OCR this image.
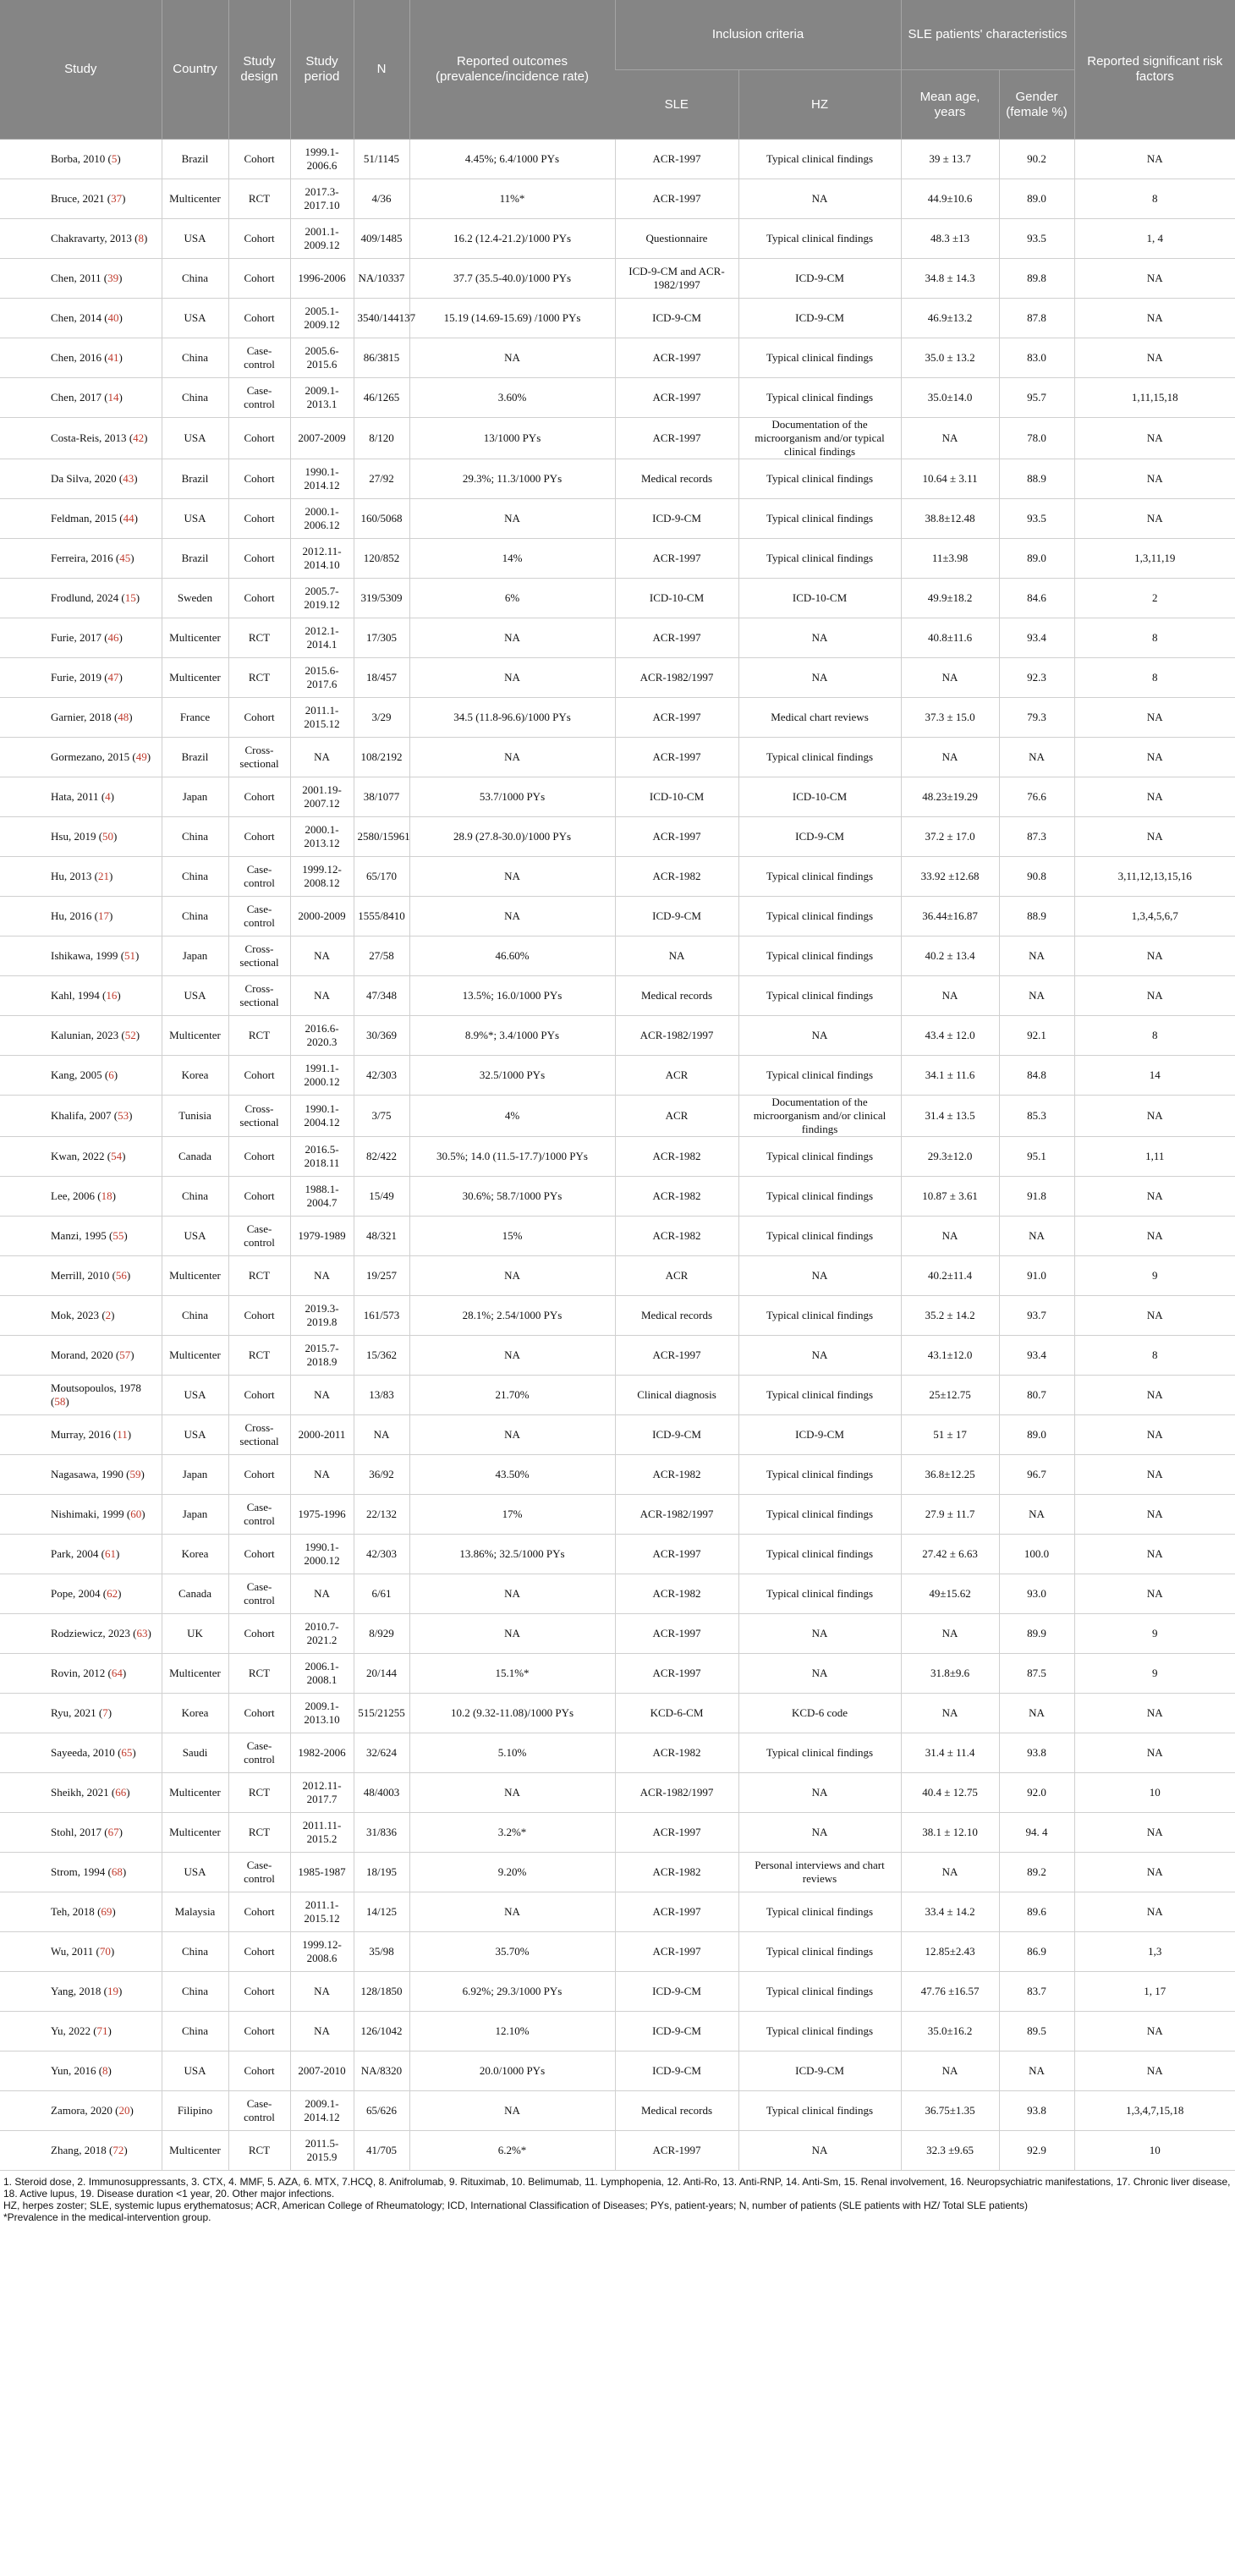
Study	Country	Study design	Study period	N	Reported outcomes (prevalence/incidence rate)	Inclusion criteria		SLE patients' characteristics		Reported significant risk factors
						SLE	HZ	Mean age, years	Gender (female %)	
Borba, 2010 (5)	Brazil	Cohort	1999.1-2006.6	51/1145	4.45%; 6.4/1000 PYs	ACR-1997	Typical clinical findings	39 ± 13.7	90.2	NA
Bruce, 2021 (37)	Multicenter	RCT	2017.3-2017.10	4/36	11%*	ACR-1997	NA	44.9±10.6	89.0	8
Chakravarty, 2013 (8)	USA	Cohort	2001.1-2009.12	409/1485	16.2 (12.4-21.2)/1000 PYs	Questionnaire	Typical clinical findings	48.3 ±13	93.5	1, 4
Chen, 2011 (39)	China	Cohort	1996-2006	NA/10337	37.7 (35.5-40.0)/1000 PYs	ICD-9-CM and ACR-1982/1997	ICD-9-CM	34.8 ± 14.3	89.8	NA
Chen, 2014 (40)	USA	Cohort	2005.1-2009.12	3540/144137	15.19 (14.69-15.69) /1000 PYs	ICD-9-CM	ICD-9-CM	46.9±13.2	87.8	NA
Chen, 2016 (41)	China	Case-control	2005.6-2015.6	86/3815	NA	ACR-1997	Typical clinical findings	35.0 ± 13.2	83.0	NA
Chen, 2017 (14)	China	Case-control	2009.1-2013.1	46/1265	3.60%	ACR-1997	Typical clinical findings	35.0±14.0	95.7	1,11,15,18
Costa-Reis, 2013 (42)	USA	Cohort	2007-2009	8/120	13/1000 PYs	ACR-1997	Documentation of the microorganism and/or typical clinical findings	NA	78.0	NA
Da Silva, 2020 (43)	Brazil	Cohort	1990.1-2014.12	27/92	29.3%; 11.3/1000 PYs	Medical records	Typical clinical findings	10.64 ± 3.11	88.9	NA
Feldman, 2015 (44)	USA	Cohort	2000.1-2006.12	160/5068	NA	ICD-9-CM	Typical clinical findings	38.8±12.48	93.5	NA
Ferreira, 2016 (45)	Brazil	Cohort	2012.11-2014.10	120/852	14%	ACR-1997	Typical clinical findings	11±3.98	89.0	1,3,11,19
Frodlund, 2024 (15)	Sweden	Cohort	2005.7-2019.12	319/5309	6%	ICD-10-CM	ICD-10-CM	49.9±18.2	84.6	2
Furie, 2017 (46)	Multicenter	RCT	2012.1-2014.1	17/305	NA	ACR-1997	NA	40.8±11.6	93.4	8
Furie, 2019 (47)	Multicenter	RCT	2015.6-2017.6	18/457	NA	ACR-1982/1997	NA	NA	92.3	8
Garnier, 2018 (48)	France	Cohort	2011.1-2015.12	3/29	34.5 (11.8-96.6)/1000 PYs	ACR-1997	Medical chart reviews	37.3 ± 15.0	79.3	NA
Gormezano, 2015 (49)	Brazil	Cross-sectional	NA	108/2192	NA	ACR-1997	Typical clinical findings	NA	NA	NA
Hata, 2011 (4)	Japan	Cohort	2001.19-2007.12	38/1077	53.7/1000 PYs	ICD-10-CM	ICD-10-CM	48.23±19.29	76.6	NA
Hsu, 2019 (50)	China	Cohort	2000.1-2013.12	2580/15961	28.9 (27.8-30.0)/1000 PYs	ACR-1997	ICD-9-CM	37.2 ± 17.0	87.3	NA
Hu, 2013 (21)	China	Case-control	1999.12-2008.12	65/170	NA	ACR-1982	Typical clinical findings	33.92 ±12.68	90.8	3,11,12,13,15,16
Hu, 2016 (17)	China	Case-control	2000-2009	1555/8410	NA	ICD-9-CM	Typical clinical findings	36.44±16.87	88.9	1,3,4,5,6,7
Ishikawa, 1999 (51)	Japan	Cross-sectional	NA	27/58	46.60%	NA	Typical clinical findings	40.2 ± 13.4	NA	NA
Kahl, 1994 (16)	USA	Cross-sectional	NA	47/348	13.5%; 16.0/1000 PYs	Medical records	Typical clinical findings	NA	NA	NA
Kalunian, 2023 (52)	Multicenter	RCT	2016.6-2020.3	30/369	8.9%*; 3.4/1000 PYs	ACR-1982/1997	NA	43.4 ± 12.0	92.1	8
Kang, 2005 (6)	Korea	Cohort	1991.1-2000.12	42/303	32.5/1000 PYs	ACR	Typical clinical findings	34.1 ± 11.6	84.8	14
Khalifa, 2007 (53)	Tunisia	Cross-sectional	1990.1-2004.12	3/75	4%	ACR	Documentation of the microorganism and/or clinical findings	31.4 ± 13.5	85.3	NA
Kwan, 2022 (54)	Canada	Cohort	2016.5-2018.11	82/422	30.5%; 14.0 (11.5-17.7)/1000 PYs	ACR-1982	Typical clinical findings	29.3±12.0	95.1	1,11
Lee, 2006 (18)	China	Cohort	1988.1-2004.7	15/49	30.6%; 58.7/1000 PYs	ACR-1982	Typical clinical findings	10.87 ± 3.61	91.8	NA
Manzi, 1995 (55)	USA	Case-control	1979-1989	48/321	15%	ACR-1982	Typical clinical findings	NA	NA	NA
Merrill, 2010 (56)	Multicenter	RCT	NA	19/257	NA	ACR	NA	40.2±11.4	91.0	9
Mok, 2023 (2)	China	Cohort	2019.3-2019.8	161/573	28.1%; 2.54/1000 PYs	Medical records	Typical clinical findings	35.2 ± 14.2	93.7	NA
Morand, 2020 (57)	Multicenter	RCT	2015.7-2018.9	15/362	NA	ACR-1997	NA	43.1±12.0	93.4	8
Moutsopoulos, 1978 (58)	USA	Cohort	NA	13/83	21.70%	Clinical diagnosis	Typical clinical findings	25±12.75	80.7	NA
Murray, 2016 (11)	USA	Cross-sectional	2000-2011	NA	NA	ICD-9-CM	ICD-9-CM	51 ± 17	89.0	NA
Nagasawa, 1990 (59)	Japan	Cohort	NA	36/92	43.50%	ACR-1982	Typical clinical findings	36.8±12.25	96.7	NA
Nishimaki, 1999 (60)	Japan	Case-control	1975-1996	22/132	17%	ACR-1982/1997	Typical clinical findings	27.9 ± 11.7	NA	NA
Park, 2004 (61)	Korea	Cohort	1990.1-2000.12	42/303	13.86%; 32.5/1000 PYs	ACR-1997	Typical clinical findings	27.42 ± 6.63	100.0	NA
Pope, 2004 (62)	Canada	Case-control	NA	6/61	NA	ACR-1982	Typical clinical findings	49±15.62	93.0	NA
Rodziewicz, 2023 (63)	UK	Cohort	2010.7-2021.2	8/929	NA	ACR-1997	NA	NA	89.9	9
Rovin, 2012 (64)	Multicenter	RCT	2006.1-2008.1	20/144	15.1%*	ACR-1997	NA	31.8±9.6	87.5	9
Ryu, 2021 (7)	Korea	Cohort	2009.1-2013.10	515/21255	10.2 (9.32-11.08)/1000 PYs	KCD-6-CM	KCD-6 code	NA	NA	NA
Sayeeda, 2010 (65)	Saudi	Case-control	1982-2006	32/624	5.10%	ACR-1982	Typical clinical findings	31.4 ± 11.4	93.8	NA
Sheikh, 2021 (66)	Multicenter	RCT	2012.11-2017.7	48/4003	NA	ACR-1982/1997	NA	40.4 ± 12.75	92.0	10
Stohl, 2017 (67)	Multicenter	RCT	2011.11-2015.2	31/836	3.2%*	ACR-1997	NA	38.1 ± 12.10	94. 4	NA
Strom, 1994 (68)	USA	Case-control	1985-1987	18/195	9.20%	ACR-1982	Personal interviews and chart reviews	NA	89.2	NA
Teh, 2018 (69)	Malaysia	Cohort	2011.1-2015.12	14/125	NA	ACR-1997	Typical clinical findings	33.4 ± 14.2	89.6	NA
Wu, 2011 (70)	China	Cohort	1999.12-2008.6	35/98	35.70%	ACR-1997	Typical clinical findings	12.85±2.43	86.9	1,3
Yang, 2018 (19)	China	Cohort	NA	128/1850	6.92%; 29.3/1000 PYs	ICD-9-CM	Typical clinical findings	47.76 ±16.57	83.7	1, 17
Yu, 2022 (71)	China	Cohort	NA	126/1042	12.10%	ICD-9-CM	Typical clinical findings	35.0±16.2	89.5	NA
Yun, 2016 (8)	USA	Cohort	2007-2010	NA/8320	20.0/1000 PYs	ICD-9-CM	ICD-9-CM	NA	NA	NA
Zamora, 2020 (20)	Filipino	Case-control	2009.1-2014.12	65/626	NA	Medical records	Typical clinical findings	36.75±1.35	93.8	1,3,4,7,15,18
Zhang, 2018 (72)	Multicenter	RCT	2011.5-2015.9	41/705	6.2%*	ACR-1997	NA	32.3 ±9.65	92.9	10
1. Steroid dose, 2. Immunosuppressants, 3. CTX, 4. MMF, 5. AZA, 6. MTX, 7.HCQ, 8. Anifrolumab, 9. Rituximab, 10. Belimumab, 11. Lymphopenia, 12. Anti-Ro, 13. Anti-RNP, 14. Anti-Sm, 15. Renal involvement, 16. Neuropsychiatric manifestations, 17. Chronic liver disease, 18. Active lupus, 19. Disease duration <1 year, 20. Other major infections.
HZ, herpes zoster; SLE, systemic lupus erythematosus; ACR, American College of Rheumatology; ICD, International Classification of Diseases; PYs, patient-years; N, number of patients (SLE patients with HZ/ Total SLE patients)
*Prevalence in the medical-intervention group.
